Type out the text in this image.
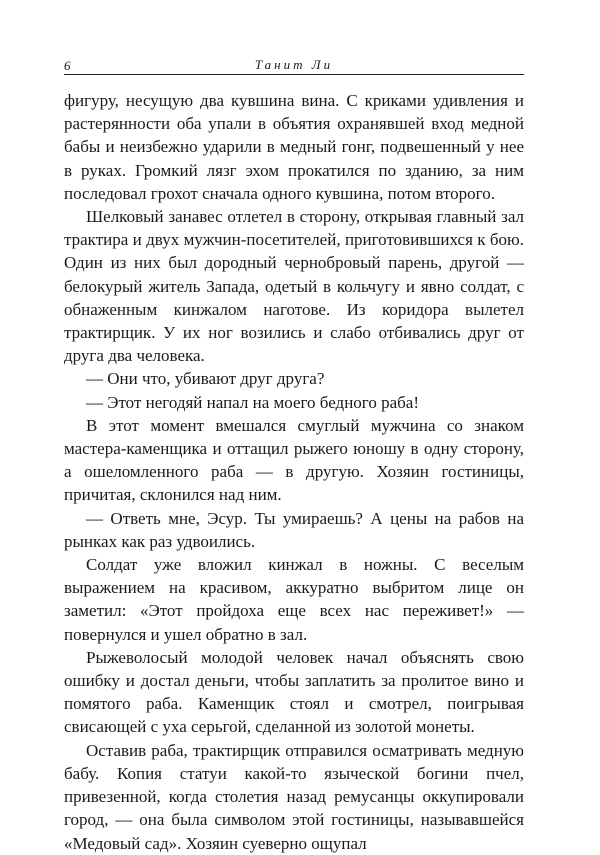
6	Танит Ли

фигуру, несущую два кувшина вина. С криками удивления и растерянности оба упали в объятия охранявшей вход медной бабы и неизбежно ударили в медный гонг, подвешенный у нее в руках. Громкий лязг эхом прокатился по зданию, за ним последовал грохот сначала одного кувшина, потом второго.

Шелковый занавес отлетел в сторону, открывая главный зал трактира и двух мужчин-посетителей, приготовившихся к бою. Один из них был дородный чернобровый парень, другой — белокурый житель Запада, одетый в кольчугу и явно солдат, с обнаженным кинжалом наготове. Из коридора вылетел трактирщик. У их ног возились и слабо отбивались друг от друга два человека.

— Они что, убивают друг друга?

— Этот негодяй напал на моего бедного раба!

В этот момент вмешался смуглый мужчина со знаком мастера-каменщика и оттащил рыжего юношу в одну сторону, а ошеломленного раба — в другую. Хозяин гостиницы, причитая, склонился над ним.

— Ответь мне, Эсур. Ты умираешь? А цены на рабов на рынках как раз удвоились.

Солдат уже вложил кинжал в ножны. С веселым выражением на красивом, аккуратно выбритом лице он заметил: «Этот пройдоха еще всех нас переживет!» — повернулся и ушел обратно в зал.

Рыжеволосый молодой человек начал объяснять свою ошибку и достал деньги, чтобы заплатить за пролитое вино и помятого раба. Каменщик стоял и смотрел, поигрывая свисающей с уха серьгой, сделанной из золотой монеты.

Оставив раба, трактирщик отправился осматривать медную бабу. Копия статуи какой-то языческой богини пчел, привезенной, когда столетия назад ремусанцы оккупировали город, — она была символом этой гостиницы, называвшейся «Медовый сад». Хозяин суеверно ощупал
